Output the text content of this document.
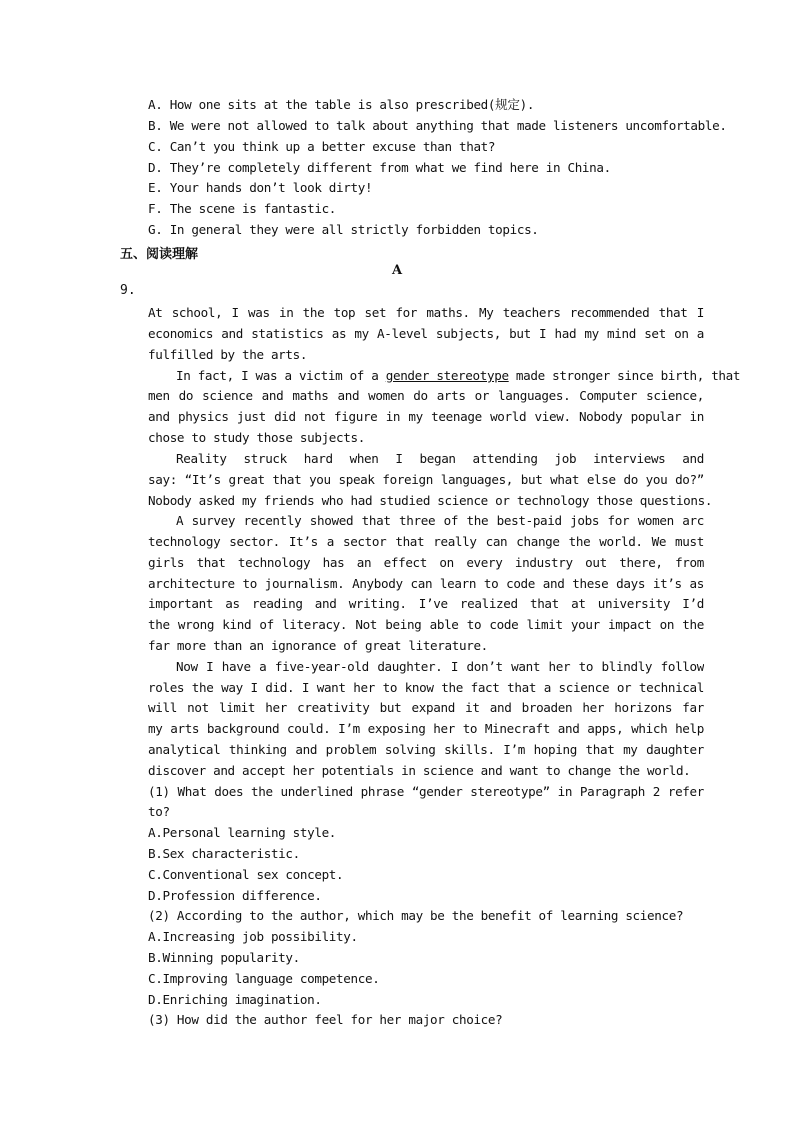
A. How one sits at the table is also prescribed(规定).
B. We were not allowed to talk about anything that made listeners uncomfortable.
C. Can’t you think up a better excuse than that?
D. They’re completely different from what we find here in China.
E. Your hands don’t look dirty!
F. The scene is fantastic.
G. In general they were all strictly forbidden topics.
五、阅读理解
A
9.
At school, I was in the top set for maths. My teachers recommended that I
economics and statistics as my A-level subjects, but I had my mind set on a
fulfilled by the arts.
In fact, I was a victim of a gender stereotype made stronger since birth, that
men do science and maths and women do arts or languages. Computer science,
and physics just did not figure in my teenage world view. Nobody popular in
chose to study those subjects.
Reality struck hard when I began attending job interviews and
say: “It’s great that you speak foreign languages, but what else do you do?”
Nobody asked my friends who had studied science or technology those questions.
A survey recently showed that three of the best-paid jobs for women arc
technology sector. It’s a sector that really can change the world. We must
girls that technology has an effect on every industry out there, from
architecture to journalism. Anybody can learn to code and these days it’s as
important as reading and writing. I’ve realized that at university I’d
the wrong kind of literacy. Not being able to code limit your impact on the
far more than an ignorance of great literature.
Now I have a five-year-old daughter. I don’t want her to blindly follow
roles the way I did. I want her to know the fact that a science or technical
will not limit her creativity but expand it and broaden her horizons far
my arts background could. I’m exposing her to Minecraft and apps, which help
analytical thinking and problem solving skills. I’m hoping that my daughter
discover and accept her potentials in science and want to change the world.
(1) What does the underlined phrase “gender stereotype” in Paragraph 2 refer
to?
A.Personal learning style.
B.Sex characteristic.
C.Conventional sex concept.
D.Profession difference.
(2) According to the author, which may be the benefit of learning science?
A.Increasing job possibility.
B.Winning popularity.
C.Improving language competence.
D.Enriching imagination.
(3) How did the author feel for her major choice?
